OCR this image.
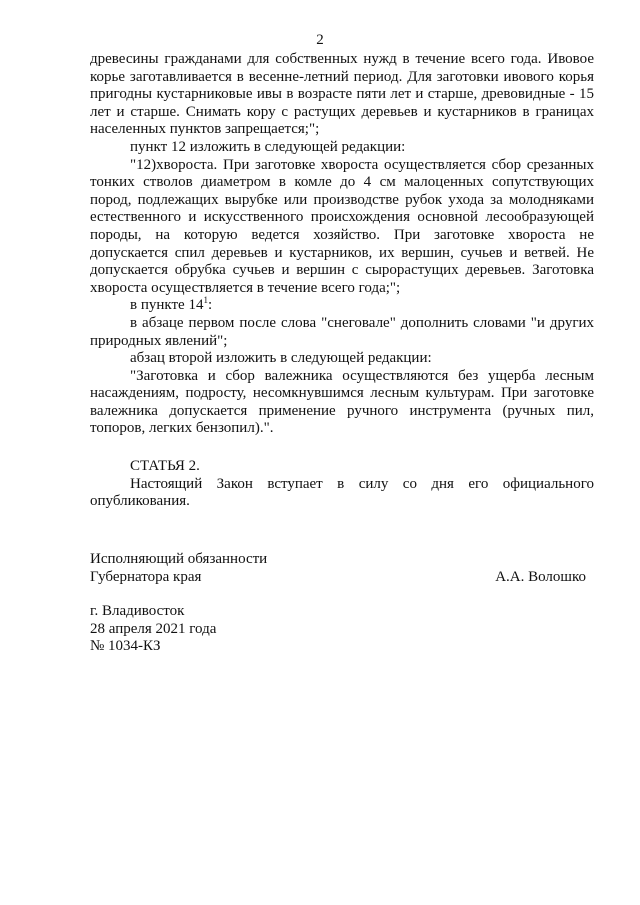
2

древесины гражданами для собственных нужд в течение всего года. Ивовое корье заготавливается в весенне-летний период. Для заготовки ивового корья пригодны кустарниковые ивы в возрасте пяти лет и старше, древовидные - 15 лет и старше. Снимать кору с растущих деревьев и кустарников в границах населенных пунктов запрещается;";

пункт 12 изложить в следующей редакции:

"12)хвороста. При заготовке хвороста осуществляется сбор срезанных тонких стволов диаметром в комле до 4 см малоценных сопутствующих пород, подлежащих вырубке или производстве рубок ухода за молодняками естественного и искусственного происхождения основной лесообразующей породы, на которую ведется хозяйство. При заготовке хвороста не допускается спил деревьев и кустарников, их вершин, сучьев и ветвей. Не допускается обрубка сучьев и вершин с сырорастущих деревьев. Заготовка хвороста осуществляется в течение всего года;";

в пункте $14^1$:

в абзаце первом после слова "снеговале" дополнить словами "и других природных явлений";

абзац второй изложить в следующей редакции:

"Заготовка и сбор валежника осуществляются без ущерба лесным насаждениям, подросту, несомкнувшимся лесным культурам. При заготовке валежника допускается применение ручного инструмента (ручных пил, топоров, легких бензопил).".

СТАТЬЯ 2.

Настоящий Закон вступает в силу со дня его официального опубликования.

Исполняющий обязанности
Губернатора края	А.А. Волошко
г. Владивосток
28 апреля 2021 года
№ 1034-КЗ
